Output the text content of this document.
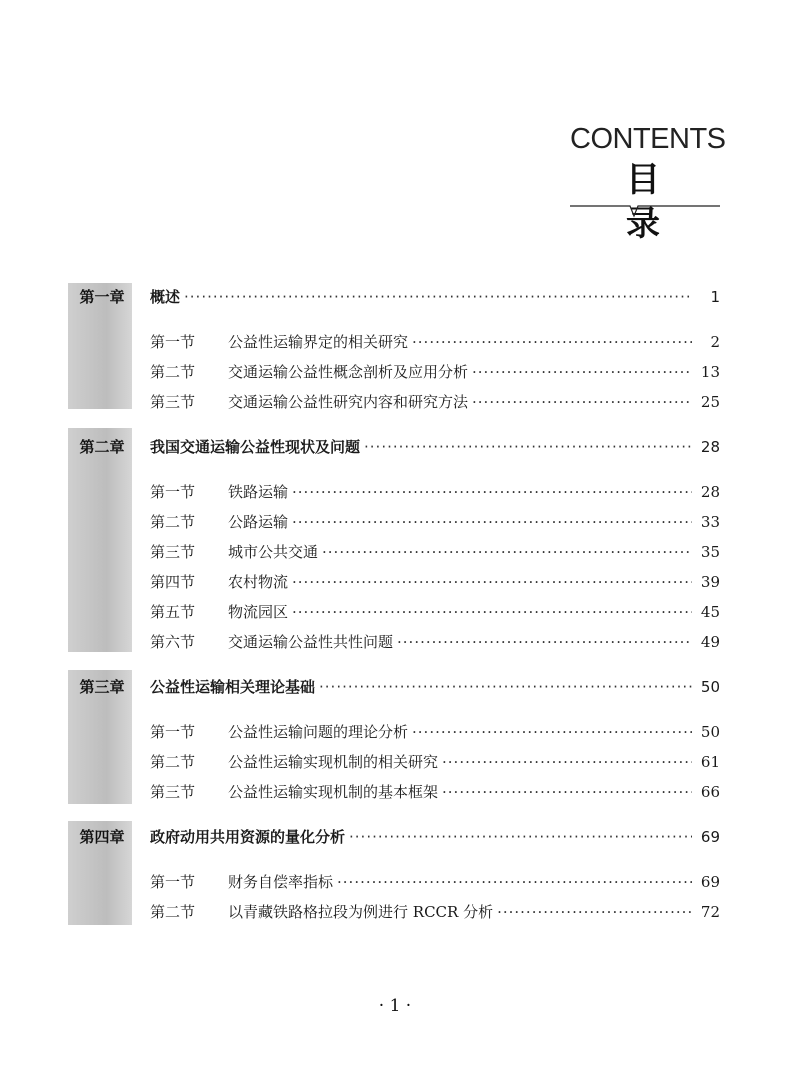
CONTENTS
目 录
第一章	概述 ·····	1
第一节	公益性运输界定的相关研究 ·····	2
第二节	交通运输公益性概念剖析及应用分析 ·····	13
第三节	交通运输公益性研究内容和研究方法 ·····	25
第二章	我国交通运输公益性现状及问题 ·····	28
第一节	铁路运输 ·····	28
第二节	公路运输 ·····	33
第三节	城市公共交通 ·····	35
第四节	农村物流 ·····	39
第五节	物流园区 ·····	45
第六节	交通运输公益性共性问题 ·····	49
第三章	公益性运输相关理论基础 ·····	50
第一节	公益性运输问题的理论分析 ·····	50
第二节	公益性运输实现机制的相关研究 ·····	61
第三节	公益性运输实现机制的基本框架 ·····	66
第四章	政府动用共用资源的量化分析 ·····	69
第一节	财务自偿率指标 ·····	69
第二节	以青藏铁路格拉段为例进行 RCCR 分析 ·····	72
· 1 ·
